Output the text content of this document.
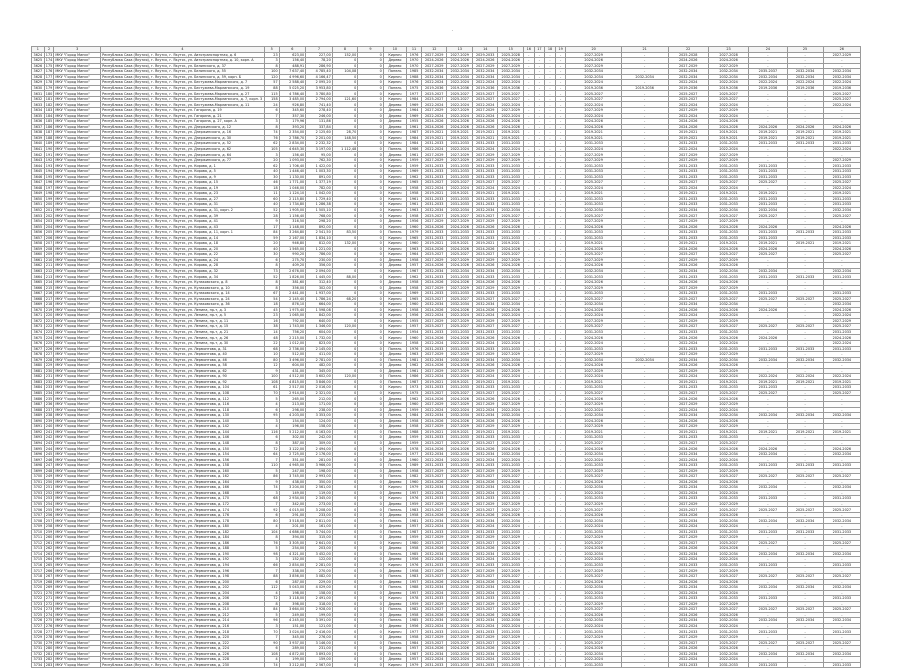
-
1	2	3	4	5	6	7	8	9	10	11	12	13	14	15	16	17	18	19	20	21	22	23	24	25	26
3624	173	МКУ "Город Минск"	Республика Саха (Якутия), г. Якутск, г. Якутск, ул. Автотранспортная, д. 6	23	623,00	227,00	152,00	0	Кирпич	1976	2027-2029	2027-2029	2029-2033	2025-2028	-	-	-	-	2027-2029	-	2025-2028	2027-2028	-	-	2027-2029
3625	174	МКУ "Город Минск"	Республика Саха (Якутия), г. Якутск, г. Якутск, ул. Автотранспортная, д. 10, корп. А	3	156,40	78,20	0	0	Дерево	1970	2024-2026	2024-2026	2024-2026	2024-2026	-	-	-	-	2024-2026	-	2024-2026	2024-2026	-	-	-
3626	175	МКУ "Город Минск"	Республика Саха (Якутия), г. Якутск, г. Якутск, ул. Белинского, д. 37	8	488,91	286,90	0	0	Дерево	1970	2027-2029	2027-2029	2027-2029	2027-2029	-	-	-	-	2027-2029	-	2027-2029	2027-2029	-	-	-
3627	176	МКУ "Город Минск"	Республика Саха (Якутия), г. Якутск, г. Якутск, ул. Белинского, д. 55	100	7 637,40	4 785,40	104,08	0	Панель	1985	2032-2034	2032-2034	2032-2034	2032-2034	-	-	-	-	2032-2034	-	2032-2034	2032-2034	2035-2037	2032-2034	2032-2034
3628	177	МКУ "Город Минск"	Республика Саха (Якутия), г. Якутск, г. Якутск, ул. Белинского, д. 59, корп. Б	120	4 996,60	4 166,47	0	0	Кирпич	1988	2032-2034	2032-2034	2032-2034	2032-2034	-	-	-	-	2032-2034	2032-2034	2032-2034	2032-2034	2032-2034	2032-2034	2032-2034
3629	178	МКУ "Город Минск"	Республика Саха (Якутия), г. Якутск, г. Якутск, ул. Бестужева-Марлинского, д. 7	57	2 588,40	2 095,20	0	0	Кирпич	1976	2022-2024	2022-2024	2022-2024	2022-2024	-	-	-	-	2022-2024	-	2022-2024	2022-2024	2022-2024	2022-2024	2022-2024
3630	179	МКУ "Город Минск"	Республика Саха (Якутия), г. Якутск, г. Якутск, ул. Бестужева-Марлинского, д. 19	88	5 025,20	3 953,80	0	0	Панель	1975	2019-2036	2019-2036	2019-2036	2019-2036	-	-	-	-	2019-2036	2019-2036	2019-2036	2019-2036	2019-2036	2019-2036	2019-2036
3631	180	МКУ "Город Минск"	Республика Саха (Якутия), г. Якутск, г. Якутск, ул. Бестужева-Марлинского, д. 27	115	4 786,40	3 780,80	0	0	Кирпич	1977	2025-2027	2025-2027	2025-2027	2025-2027	-	-	-	-	2025-2027	-	2025-2027	2025-2027	-	-	2025-2027
3632	181	МКУ "Город Минск"	Республика Саха (Якутия), г. Якутск, г. Якутск, ул. Бестужева-Марлинского, д. 7, корп. 3	158	3 485,00	2 794,00	121,60	0	Кирпич	1984	2025-2027	2025-2027	2025-2027	2025-2027	-	-	-	-	2025-2027	-	2025-2027	2025-2027	-	-	2025-2027
3633	182	МКУ "Город Минск"	Республика Саха (Якутия), г. Якутск, г. Якутск, ул. Бестужева-Марлинского, д. 11	24	926,80	741,40	0	0	Дерево	1969	2022-2024	2022-2024	2022-2024	2022-2024	-	-	-	-	2022-2024	-	2022-2024	2022-2024	-	-	2022-2024
3634	183	МКУ "Город Минск"	Республика Саха (Якутия), г. Якутск, г. Якутск, ул. Гагарина, д. 19	6	345,60	278,40	0	0	Дерево	1964	2027-2029	2027-2029	2027-2029	2027-2029	-	-	-	-	2027-2029	-	2027-2029	2027-2029	-	-	-
3635	184	МКУ "Город Минск"	Республика Саха (Якутия), г. Якутск, г. Якутск, ул. Гагарина, д. 21	7	357,30	246,00	0	0	Дерево	1969	2022-2024	2022-2024	2022-2024	2022-2024	-	-	-	-	2022-2024	-	2022-2024	2022-2024	-	-	-
3636	185	МКУ "Город Минск"	Республика Саха (Якутия), г. Якутск, г. Якутск, ул. Гагарина, д. 27, корп. А	3	179,96	131,86	0	0	Дерево	1955	2024-2026	2024-2026	2024-2026	2024-2026	-	-	-	-	2024-2026	-	2024-2026	2024-2026	-	-	-
3637	186	МКУ "Город Минск"	Республика Саха (Якутия), г. Якутск, г. Якутск, ул. Дзержинского, д. 12	8	393,20	337,84	0	0	Дерево	1961	2024-2026	2024-2026	2024-2026	2024-2026	-	-	-	-	2024-2026	-	2024-2026	2024-2026	2024-2026	2024-2026	2024-2026
3638	187	МКУ "Город Минск"	Республика Саха (Якутия), г. Якутск, г. Якутск, ул. Дзержинского, д. 16	74	2 354,00	2 125,60	28,70	0	Кирпич	1987	2019-2021	2019-2021	2019-2021	2019-2021	-	-	-	-	2019-2021	-	2019-2021	2019-2021	2019-2021	2019-2021	2019-2021
3639	188	МКУ "Город Минск"	Республика Саха (Якутия), г. Якутск, г. Якутск, ул. Дзержинского, д. 30	76	2 786,70	2 201,00	148,50	0	Кирпич	1984	2019-2021	2019-2021	2019-2021	2019-2021	-	-	-	-	2019-2021	-	2019-2021	2019-2021	2019-2021	2019-2021	2019-2021
3640	189	МКУ "Город Минск"	Республика Саха (Якутия), г. Якутск, г. Якутск, ул. Дзержинского, д. 52	62	2 834,00	2 232,32	0	0	Кирпич	1984	2031-2033	2031-2033	2031-2033	2031-2033	-	-	-	-	2031-2033	-	2031-2033	2031-2033	2031-2033	2031-2033	2031-2033
3641	190	МКУ "Город Минск"	Республика Саха (Якутия), г. Якутск, г. Якутск, ул. Дзержинского, д. 62	105	4 645,30	3 197,00	1 112,48	0	Панель	1986	2022-2024	2022-2024	2022-2024	2022-2024	-	-	-	-	2022-2024	-	2022-2024	2022-2024	-	-	2022-2024
3642	191	МКУ "Город Минск"	Республика Саха (Якутия), г. Якутск, г. Якутск, ул. Дзержинского, д. 64	3	156,40	95,00	0	0	Дерево	1961	2027-2029	2027-2029	2027-2029	2027-2029	-	-	-	-	2027-2029	-	2027-2029	2027-2029	-	-	-
3643	192	МКУ "Город Минск"	Республика Саха (Якутия), г. Якутск, г. Якутск, ул. Дзержинского, д. 77	20	1 093,00	762,30	0	0	Кирпич	1959	2027-2029	2027-2029	2027-2029	2027-2029	-	-	-	-	2027-2029	-	2027-2029	2027-2029	-	-	2027-2029
3644	193	МКУ "Город Минск"	Республика Саха (Якутия), г. Якутск, г. Якутск, ул. Кирова, д. 1	62	1 706,40	1 422,00	0	0	Кирпич	1959	2031-2033	2031-2033	2031-2033	2031-2033	-	-	-	-	2031-2033	-	2031-2033	2031-2033	2031-2033	-	2031-2033
3645	194	МКУ "Город Минск"	Республика Саха (Якутия), г. Якутск, г. Якутск, ул. Кирова, д. 5	40	1 446,40	1 003,30	0	0	Кирпич	1969	2031-2033	2031-2033	2031-2033	2031-2033	-	-	-	-	2031-2033	-	2031-2033	2031-2033	2031-2033	-	2031-2033
3646	195	МКУ "Город Минск"	Республика Саха (Якутия), г. Якутск, г. Якутск, ул. Кирова, д. 9	30	1 130,00	891,00	0	0	Кирпич	1962	2031-2033	2031-2033	2031-2033	2031-2033	-	-	-	-	2031-2033	-	2031-2033	2031-2033	2031-2033	-	2031-2033
3647	196	МКУ "Город Минск"	Республика Саха (Якутия), г. Якутск, г. Якутск, ул. Кирова, д. 15	46	1 771,00	1 377,19	0	0	Кирпич	1965	2025-2027	2025-2027	2025-2027	2025-2027	-	-	-	-	2025-2027	-	2025-2027	2025-2027	2025-2027	-	2025-2027
3648	197	МКУ "Город Минск"	Республика Саха (Якутия), г. Якутск, г. Якутск, ул. Кирова, д. 19	18	1 046,00	782,00	0	0	Кирпич	1958	2022-2024	2022-2024	2022-2024	2022-2024	-	-	-	-	2022-2024	-	2022-2024	2022-2024	-	-	2022-2024
3649	198	МКУ "Город Минск"	Республика Саха (Якутия), г. Якутск, г. Якутск, ул. Кирова, д. 23	11	1 124,10	1 042,00	0	0	Кирпич	1958	2019-2021	2019-2021	2019-2021	2019-2021	-	-	-	-	2019-2021	-	2019-2021	2019-2021	2019-2021	-	2019-2021
3650	199	МКУ "Город Минск"	Республика Саха (Якутия), г. Якутск, г. Якутск, ул. Кирова, д. 27	60	2 115,80	1 729,40	0	0	Кирпич	1961	2031-2033	2031-2033	2031-2033	2031-2033	-	-	-	-	2031-2033	-	2031-2033	2031-2033	2031-2033	-	2031-2033
3651	200	МКУ "Город Минск"	Республика Саха (Якутия), г. Якутск, г. Якутск, ул. Кирова, д. 31	40	1 734,80	1 286,38	0	0	Кирпич	1961	2031-2033	2031-2033	2031-2033	2031-2033	-	-	-	-	2031-2033	-	2031-2033	2031-2033	2031-2033	-	2031-2033
3652	201	МКУ "Город Минск"	Республика Саха (Якутия), г. Якутск, г. Якутск, ул. Кирова, д. 31, корп. 2	52	1 905,00	1 505,10	0	0	Кирпич	1963	2032-2034	2032-2034	2032-2034	2032-2034	-	-	-	-	2032-2034	-	2032-2034	2032-2034	2032-2034	-	2032-2034
3653	202	МКУ "Город Минск"	Республика Саха (Якутия), г. Якутск, г. Якутск, ул. Кирова, д. 39	28	1 156,40	768,00	0	0	Кирпич	1958	2025-2027	2025-2027	2025-2027	2025-2027	-	-	-	-	2025-2027	-	2025-2027	2025-2027	2025-2027	-	2025-2027
3654	203	МКУ "Город Минск"	Республика Саха (Якутия), г. Якутск, г. Якутск, ул. Кирова, д. 41	9	316,50	298,20	0	0	Дерево	1956	2027-2029	2027-2029	2027-2029	2027-2029	-	-	-	-	2027-2029	-	2027-2029	2027-2029	-	-	-
3655	204	МКУ "Город Минск"	Республика Саха (Якутия), г. Якутск, г. Якутск, ул. Кирова, д. 43	17	1 148,00	892,00	0	0	Кирпич	1960	2024-2026	2024-2026	2024-2026	2024-2026	-	-	-	-	2024-2026	-	2024-2026	2024-2026	2024-2026	-	2024-2026
3656	205	МКУ "Город Минск"	Республика Саха (Якутия), г. Якутск, г. Якутск, ул. Кирова, д. 11, корп. 1	84	3 264,80	2 541,50	83,50	0	Панель	1979	2031-2033	2031-2033	2031-2033	2031-2033	-	-	-	-	2031-2033	-	2031-2033	2031-2033	2031-2033	2031-2033	2031-2033
3657	206	МКУ "Город Минск"	Республика Саха (Якутия), г. Якутск, г. Якутск, ул. Кирова, д. 14	59	2 167,00	1 834,10	0	0	Кирпич	1965	2031-2033	2031-2033	2031-2033	2031-2033	-	-	-	-	2031-2033	-	2031-2033	2031-2033	2031-2033	-	2031-2033
3658	207	МКУ "Город Минск"	Республика Саха (Якутия), г. Якутск, г. Якутск, ул. Кирова, д. 18	20	946,80	812,00	132,00	0	Кирпич	1960	2019-2021	2019-2021	2019-2021	2019-2021	-	-	-	-	2019-2021	-	2019-2021	2019-2021	2019-2021	2019-2021	2019-2021
3659	208	МКУ "Город Минск"	Республика Саха (Якутия), г. Якутск, г. Якутск, ул. Кирова, д. 20	40	1 565,00	1 221,00	0	0	Кирпич	1963	2024-2026	2024-2026	2024-2026	2024-2026	-	-	-	-	2024-2026	-	2024-2026	2024-2026	2024-2026	-	2024-2026
3660	209	МКУ "Город Минск"	Республика Саха (Якутия), г. Якутск, г. Якутск, ул. Кирова, д. 22	30	990,20	786,00	0	0	Кирпич	1964	2025-2027	2025-2027	2025-2027	2025-2027	-	-	-	-	2025-2027	-	2025-2027	2025-2027	2025-2027	-	2025-2027
3661	210	МКУ "Город Минск"	Республика Саха (Якутия), г. Якутск, г. Якутск, ул. Кирова, д. 24	6	275,70	230,00	0	0	Дерево	1958	2027-2029	2027-2029	2027-2029	2027-2029	-	-	-	-	2027-2029	-	2027-2029	2027-2029	-	-	-
3662	211	МКУ "Город Минск"	Республика Саха (Якутия), г. Якутск, г. Якутск, ул. Кирова, д. 28	8	409,20	356,00	0	0	Дерево	1957	2024-2026	2024-2026	2024-2026	2024-2026	-	-	-	-	2024-2026	-	2024-2026	2024-2026	-	-	-
3663	212	МКУ "Город Минск"	Республика Саха (Якутия), г. Якутск, г. Якутск, ул. Кирова, д. 32	73	2 676,00	2 094,00	0	0	Кирпич	1967	2032-2034	2032-2034	2032-2034	2032-2034	-	-	-	-	2032-2034	-	2032-2034	2032-2034	2032-2034	-	2032-2034
3664	213	МКУ "Город Минск"	Республика Саха (Якутия), г. Якутск, г. Якутск, ул. Кирова, д. 34	52	1 826,00	1 445,00	88,00	0	Кирпич	1962	2031-2033	2031-2033	2031-2033	2031-2033	-	-	-	-	2031-2033	-	2031-2033	2031-2033	2031-2033	2031-2033	2031-2033
3665	214	МКУ "Город Минск"	Республика Саха (Якутия), г. Якутск, г. Якутск, ул. Кулаковского, д. 8	8	381,60	312,40	0	0	Дерево	1958	2024-2026	2024-2026	2024-2026	2024-2026	-	-	-	-	2024-2026	-	2024-2026	2024-2026	-	-	-
3666	215	МКУ "Город Минск"	Республика Саха (Якутия), г. Якутск, г. Якутск, ул. Кулаковского, д. 10	8	356,00	302,00	0	0	Дерево	1958	2027-2029	2027-2029	2027-2029	2027-2029	-	-	-	-	2027-2029	-	2027-2029	2027-2029	-	-	-
3667	216	МКУ "Город Минск"	Республика Саха (Якутия), г. Якутск, г. Якутск, ул. Кулаковского, д. 14	67	2 441,00	1 937,00	0	0	Кирпич	1969	2031-2033	2031-2033	2031-2033	2031-2033	-	-	-	-	2031-2033	-	2031-2033	2031-2033	2031-2033	-	2031-2033
3668	217	МКУ "Город Минск"	Республика Саха (Якутия), г. Якутск, г. Якутск, ул. Кулаковского, д. 24	54	2 145,40	1 786,24	68,20	0	Кирпич	1965	2025-2027	2025-2027	2025-2027	2025-2027	-	-	-	-	2025-2027	-	2025-2027	2025-2027	2025-2027	2025-2027	2025-2027
3669	218	МКУ "Город Минск"	Республика Саха (Якутия), г. Якутск, г. Якутск, ул. Кулаковского, д. 36	18	876,10	664,00	0	0	Кирпич	1960	2032-2034	2032-2034	2032-2034	2032-2034	-	-	-	-	2032-2034	-	2032-2034	2032-2034	-	-	2032-2034
3670	219	МКУ "Город Минск"	Республика Саха (Якутия), г. Якутск, г. Якутск, ул. Ленина, пр-т, д. 3	45	1 975,40	1 598,08	0	0	Кирпич	1958	2024-2026	2024-2026	2024-2026	2024-2026	-	-	-	-	2024-2026	-	2024-2026	2024-2026	2024-2026	-	2024-2026
3671	220	МКУ "Город Минск"	Республика Саха (Якутия), г. Якутск, г. Якутск, ул. Ленина, пр-т, д. 5	23	1 065,00	842,00	0	0	Кирпич	1956	2022-2024	2022-2024	2022-2024	2022-2024	-	-	-	-	2022-2024	-	2022-2024	2022-2024	-	-	2022-2024
3672	221	МКУ "Город Минск"	Республика Саха (Якутия), г. Якутск, г. Якутск, ул. Ленина, пр-т, д. 11	16	792,00	640,00	0	0	Кирпич	1955	2027-2029	2027-2029	2027-2029	2027-2029	-	-	-	-	2027-2029	-	2027-2029	2027-2029	-	-	2027-2029
3673	222	МКУ "Город Минск"	Республика Саха (Якутия), г. Якутск, г. Якутск, ул. Ленина, пр-т, д. 15	38	1 743,00	1 346,00	120,00	0	Кирпич	1957	2025-2027	2025-2027	2025-2027	2025-2027	-	-	-	-	2025-2027	-	2025-2027	2025-2027	2025-2027	2025-2027	2025-2027
3674	223	МКУ "Город Минск"	Республика Саха (Якутия), г. Якутск, г. Якутск, ул. Ленина, пр-т, д. 21	14	756,20	604,00	0	0	Кирпич	1954	2031-2033	2031-2033	2031-2033	2031-2033	-	-	-	-	2031-2033	-	2031-2033	2031-2033	-	-	2031-2033
3675	224	МКУ "Город Минск"	Республика Саха (Якутия), г. Якутск, г. Якутск, ул. Ленина, пр-т, д. 26	48	2 215,00	1 732,00	0	0	Кирпич	1960	2024-2026	2024-2026	2024-2026	2024-2026	-	-	-	-	2024-2026	-	2024-2026	2024-2026	2024-2026	-	2024-2026
3676	225	МКУ "Город Минск"	Республика Саха (Якутия), г. Якутск, г. Якутск, ул. Ленина, пр-т, д. 30	22	1 012,00	823,00	0	0	Кирпич	1958	2022-2024	2022-2024	2022-2024	2022-2024	-	-	-	-	2022-2024	-	2022-2024	2022-2024	-	-	2022-2024
3677	226	МКУ "Город Минск"	Республика Саха (Якутия), г. Якутск, г. Якутск, ул. Лермонтова, д. 31	68	2 736,00	2 145,00	0	0	Панель	1976	2031-2033	2031-2033	2031-2033	2031-2033	-	-	-	-	2031-2033	-	2031-2033	2031-2033	2031-2033	2031-2033	2031-2033
3678	227	МКУ "Город Минск"	Республика Саха (Якутия), г. Якутск, г. Якутск, ул. Лермонтова, д. 40	10	512,00	411,00	0	0	Дерево	1963	2027-2029	2027-2029	2027-2029	2027-2029	-	-	-	-	2027-2029	-	2027-2029	2027-2029	-	-	-
3679	228	МКУ "Город Минск"	Республика Саха (Якутия), г. Якутск, г. Якутск, ул. Лермонтова, д. 46	80	3 496,00	2 781,00	0	0	Панель	1981	2032-2034	2032-2034	2032-2034	2032-2034	-	-	-	-	2032-2034	2032-2034	2032-2034	2032-2034	2032-2034	2032-2034	2032-2034
3680	229	МКУ "Город Минск"	Республика Саха (Якутия), г. Якутск, г. Якутск, ул. Лермонтова, д. 58	12	604,00	482,00	0	0	Дерево	1962	2024-2026	2024-2026	2024-2026	2024-2026	-	-	-	-	2024-2026	-	2024-2026	2024-2026	-	-	-
3681	230	МКУ "Город Минск"	Республика Саха (Якутия), г. Якутск, г. Якутск, ул. Лермонтова, д. 62	9	431,00	345,00	0	0	Дерево	1961	2027-2029	2027-2029	2027-2029	2027-2029	-	-	-	-	2027-2029	-	2027-2029	2027-2029	-	-	-
3682	231	МКУ "Город Минск"	Республика Саха (Якутия), г. Якутск, г. Якутск, ул. Лермонтова, д. 90	100	4 512,00	3 602,00	120,00	0	Панель	1986	2022-2024	2022-2024	2022-2024	2022-2024	-	-	-	-	2022-2024	-	2022-2024	2022-2024	2022-2024	2022-2024	2022-2024
3683	232	МКУ "Город Минск"	Республика Саха (Якутия), г. Якутск, г. Якутск, ул. Лермонтова, д. 92	108	4 815,00	3 846,00	0	0	Панель	1987	2019-2021	2019-2021	2019-2021	2019-2021	-	-	-	-	2019-2021	-	2019-2021	2019-2021	2019-2021	2019-2021	2019-2021
3684	233	МКУ "Город Минск"	Республика Саха (Якутия), г. Якутск, г. Якутск, ул. Лермонтова, д. 104	61	2 517,00	2 016,00	0	0	Кирпич	1973	2031-2033	2031-2033	2031-2033	2031-2033	-	-	-	-	2031-2033	-	2031-2033	2031-2033	2031-2033	-	2031-2033
3685	234	МКУ "Город Минск"	Республика Саха (Якутия), г. Якутск, г. Якутск, ул. Лермонтова, д. 108	70	2 914,00	2 321,00	0	0	Кирпич	1975	2025-2027	2025-2027	2025-2027	2025-2027	-	-	-	-	2025-2027	-	2025-2027	2025-2027	2025-2027	-	2025-2027
3686	235	МКУ "Город Минск"	Республика Саха (Якутия), г. Якутск, г. Якутск, ул. Лермонтова, д. 112	5	265,00	212,00	0	0	Дерево	1962	2024-2026	2024-2026	2024-2026	2024-2026	-	-	-	-	2024-2026	-	2024-2026	2024-2026	-	-	-
3687	236	МКУ "Город Минск"	Республика Саха (Якутия), г. Якутск, г. Якутск, ул. Лермонтова, д. 116	4	213,00	171,00	0	0	Дерево	1960	2027-2029	2027-2029	2027-2029	2027-2029	-	-	-	-	2027-2029	-	2027-2029	2027-2029	-	-	-
3688	237	МКУ "Город Минск"	Республика Саха (Якутия), г. Якутск, г. Якутск, ул. Лермонтова, д. 118	6	298,00	238,00	0	0	Дерево	1959	2022-2024	2022-2024	2022-2024	2022-2024	-	-	-	-	2022-2024	-	2022-2024	2022-2024	-	-	-
3689	238	МКУ "Город Минск"	Республика Саха (Якутия), г. Якутск, г. Якутск, ул. Лермонтова, д. 130	95	4 203,00	3 353,00	0	0	Панель	1984	2032-2034	2032-2034	2032-2034	2032-2034	-	-	-	-	2032-2034	-	2032-2034	2032-2034	2032-2034	2032-2034	2032-2034
3690	239	МКУ "Город Минск"	Республика Саха (Якутия), г. Якутск, г. Якутск, ул. Лермонтова, д. 140	3	154,00	124,00	0	0	Дерево	1958	2024-2026	2024-2026	2024-2026	2024-2026	-	-	-	-	2024-2026	-	2024-2026	2024-2026	-	-	-
3691	240	МКУ "Город Минск"	Республика Саха (Якутия), г. Якутск, г. Якутск, ул. Лермонтова, д. 142	4	196,00	158,00	0	0	Дерево	1958	2027-2029	2027-2029	2027-2029	2027-2029	-	-	-	-	2027-2029	-	2027-2029	2027-2029	-	-	-
3692	241	МКУ "Город Минск"	Республика Саха (Якутия), г. Якутск, г. Якутск, ул. Лермонтова, д. 144	116	5 212,00	4 163,00	0	0	Панель	1988	2019-2021	2019-2021	2019-2021	2019-2021	-	-	-	-	2019-2021	-	2019-2021	2019-2021	2019-2021	2019-2021	2019-2021
3693	242	МКУ "Город Минск"	Республика Саха (Якутия), г. Якутск, г. Якутск, ул. Лермонтова, д. 146	6	302,00	242,00	0	0	Дерево	1959	2031-2033	2031-2033	2031-2033	2031-2033	-	-	-	-	2031-2033	-	2031-2033	2031-2033	-	-	-
3694	243	МКУ "Город Минск"	Республика Саха (Якутия), г. Якутск, г. Якутск, ул. Лермонтова, д. 148	8	387,00	309,00	0	0	Дерево	1959	2025-2027	2025-2027	2025-2027	2025-2027	-	-	-	-	2025-2027	-	2025-2027	2025-2027	-	-	-
3695	244	МКУ "Город Минск"	Республика Саха (Якутия), г. Якутск, г. Якутск, ул. Лермонтова, д. 150	72	3 122,00	2 494,00	0	0	Кирпич	1978	2024-2026	2024-2026	2024-2026	2024-2026	-	-	-	-	2024-2026	-	2024-2026	2024-2026	2024-2026	-	2024-2026
3696	245	МКУ "Город Минск"	Республика Саха (Якутия), г. Якутск, г. Якутск, ул. Лермонтова, д. 154	64	2 725,00	2 176,00	0	0	Кирпич	1977	2032-2034	2032-2034	2032-2034	2032-2034	-	-	-	-	2032-2034	-	2032-2034	2032-2034	2032-2034	-	2032-2034
3697	246	МКУ "Город Минск"	Республика Саха (Якутия), г. Якутск, г. Якутск, ул. Лермонтова, д. 156	7	351,00	281,00	0	0	Дерево	1960	2022-2024	2022-2024	2022-2024	2022-2024	-	-	-	-	2022-2024	-	2022-2024	2022-2024	-	-	-
3698	247	МКУ "Город Минск"	Республика Саха (Якутия), г. Якутск, г. Якутск, ул. Лермонтова, д. 158	110	4 965,00	3 966,00	0	0	Панель	1989	2031-2033	2031-2033	2031-2033	2031-2033	-	-	-	-	2031-2033	-	2031-2033	2031-2033	2031-2033	2031-2033	2031-2033
3699	248	МКУ "Город Минск"	Республика Саха (Якутия), г. Якутск, г. Якутск, ул. Лермонтова, д. 160	5	247,00	198,00	0	0	Дерево	1958	2027-2029	2027-2029	2027-2029	2027-2029	-	-	-	-	2027-2029	-	2027-2029	2027-2029	-	-	-
3700	249	МКУ "Город Минск"	Республика Саха (Якутия), г. Якутск, г. Якутск, ул. Лермонтова, д. 162	86	3 745,00	2 993,00	0	0	Панель	1982	2025-2027	2025-2027	2025-2027	2025-2027	-	-	-	-	2025-2027	-	2025-2027	2025-2027	2025-2027	2025-2027	2025-2027
3701	250	МКУ "Город Минск"	Республика Саха (Якутия), г. Якутск, г. Якутск, ул. Лермонтова, д. 164	9	438,00	350,00	0	0	Дерево	1960	2024-2026	2024-2026	2024-2026	2024-2026	-	-	-	-	2024-2026	-	2024-2026	2024-2026	-	-	-
3702	251	МКУ "Город Минск"	Республика Саха (Якутия), г. Якутск, г. Якутск, ул. Лермонтова, д. 166	74	3 204,00	2 561,00	0	0	Кирпич	1979	2032-2034	2032-2034	2032-2034	2032-2034	-	-	-	-	2032-2034	-	2032-2034	2032-2034	2032-2034	-	2032-2034
3703	252	МКУ "Город Минск"	Республика Саха (Якутия), г. Якутск, г. Якутск, ул. Лермонтова, д. 168	3	149,00	119,00	0	0	Дерево	1957	2022-2024	2022-2024	2022-2024	2022-2024	-	-	-	-	2022-2024	-	2022-2024	2022-2024	-	-	-
3704	253	МКУ "Город Минск"	Республика Саха (Якутия), г. Якутск, г. Якутск, ул. Лермонтова, д. 170	68	2 934,00	2 345,00	0	0	Кирпич	1976	2031-2033	2031-2033	2031-2033	2031-2033	-	-	-	-	2031-2033	-	2031-2033	2031-2033	2031-2033	-	2031-2033
3705	254	МКУ "Город Минск"	Республика Саха (Якутия), г. Якутск, г. Якутск, ул. Лермонтова, д. 172	7	342,00	273,00	0	0	Дерево	1959	2027-2029	2027-2029	2027-2029	2027-2029	-	-	-	-	2027-2029	-	2027-2029	2027-2029	-	-	-
3706	255	МКУ "Город Минск"	Республика Саха (Якутия), г. Якутск, г. Якутск, ул. Лермонтова, д. 174	92	4 015,00	3 208,00	0	0	Панель	1983	2025-2027	2025-2027	2025-2027	2025-2027	-	-	-	-	2025-2027	-	2025-2027	2025-2027	2025-2027	2025-2027	2025-2027
3707	256	МКУ "Город Минск"	Республика Саха (Якутия), г. Якутск, г. Якутск, ул. Лермонтова, д. 176	6	291,00	233,00	0	0	Дерево	1958	2024-2026	2024-2026	2024-2026	2024-2026	-	-	-	-	2024-2026	-	2024-2026	2024-2026	-	-	-
3708	257	МКУ "Город Минск"	Республика Саха (Якутия), г. Якутск, г. Якутск, ул. Лермонтова, д. 178	80	3 518,00	2 811,00	0	0	Панель	1981	2032-2034	2032-2034	2032-2034	2032-2034	-	-	-	-	2032-2034	-	2032-2034	2032-2034	2032-2034	2032-2034	2032-2034
3709	258	МКУ "Город Минск"	Республика Саха (Якутия), г. Якутск, г. Якутск, ул. Лермонтова, д. 180	4	201,00	161,00	0	0	Дерево	1957	2022-2024	2022-2024	2022-2024	2022-2024	-	-	-	-	2022-2024	-	2022-2024	2022-2024	-	-	-
3710	259	МКУ "Город Минск"	Республика Саха (Якутия), г. Якутск, г. Якутск, ул. Лермонтова, д. 182	104	4 686,00	3 744,00	0	0	Панель	1987	2031-2033	2031-2033	2031-2033	2031-2033	-	-	-	-	2031-2033	-	2031-2033	2031-2033	2031-2033	2031-2033	2031-2033
3711	260	МКУ "Город Минск"	Республика Саха (Якутия), г. Якутск, г. Якутск, ул. Лермонтова, д. 184	8	394,00	315,00	0	0	Дерево	1959	2027-2029	2027-2029	2027-2029	2027-2029	-	-	-	-	2027-2029	-	2027-2029	2027-2029	-	-	-
3712	261	МКУ "Город Минск"	Республика Саха (Якутия), г. Якутск, г. Якутск, ул. Лермонтова, д. 186	76	3 305,00	2 641,00	0	0	Кирпич	1980	2025-2027	2025-2027	2025-2027	2025-2027	-	-	-	-	2025-2027	-	2025-2027	2025-2027	2025-2027	-	2025-2027
3713	262	МКУ "Город Минск"	Республика Саха (Якутия), г. Якутск, г. Якутск, ул. Лермонтова, д. 188	5	254,00	203,00	0	0	Дерево	1958	2024-2026	2024-2026	2024-2026	2024-2026	-	-	-	-	2024-2026	-	2024-2026	2024-2026	-	-	-
3714	263	МКУ "Город Минск"	Республика Саха (Якутия), г. Якутск, г. Якутск, ул. Лермонтова, д. 190	98	4 321,00	3 452,00	0	0	Панель	1985	2032-2034	2032-2034	2032-2034	2032-2034	-	-	-	-	2032-2034	-	2032-2034	2032-2034	2032-2034	2032-2034	2032-2034
3715	264	МКУ "Город Минск"	Республика Саха (Якутия), г. Якутск, г. Якутск, ул. Лермонтова, д. 192	3	152,00	122,00	0	0	Дерево	1956	2022-2024	2022-2024	2022-2024	2022-2024	-	-	-	-	2022-2024	-	2022-2024	2022-2024	-	-	-
3716	265	МКУ "Город Минск"	Республика Саха (Якутия), г. Якутск, г. Якутск, ул. Лермонтова, д. 194	66	2 854,00	2 281,00	0	0	Кирпич	1976	2031-2033	2031-2033	2031-2033	2031-2033	-	-	-	-	2031-2033	-	2031-2033	2031-2033	2031-2033	-	2031-2033
3717	266	МКУ "Город Минск"	Республика Саха (Якутия), г. Якутск, г. Якутск, ул. Лермонтова, д. 196	7	338,00	270,00	0	0	Дерево	1958	2027-2029	2027-2029	2027-2029	2027-2029	-	-	-	-	2027-2029	-	2027-2029	2027-2029	-	-	-
3718	267	МКУ "Город Минск"	Республика Саха (Якутия), г. Якутск, г. Якутск, ул. Лермонтова, д. 198	88	3 856,00	3 082,00	0	0	Панель	1983	2025-2027	2025-2027	2025-2027	2025-2027	-	-	-	-	2025-2027	-	2025-2027	2025-2027	2025-2027	2025-2027	2025-2027
3719	268	МКУ "Город Минск"	Республика Саха (Якутия), г. Якутск, г. Якутск, ул. Лермонтова, д. 200	6	287,00	229,00	0	0	Дерево	1957	2024-2026	2024-2026	2024-2026	2024-2026	-	-	-	-	2024-2026	-	2024-2026	2024-2026	-	-	-
3720	269	МКУ "Город Минск"	Республика Саха (Якутия), г. Якутск, г. Якутск, ул. Лермонтова, д. 202	112	5 043,00	4 029,00	0	0	Панель	1988	2032-2034	2032-2034	2032-2034	2032-2034	-	-	-	-	2032-2034	-	2032-2034	2032-2034	2032-2034	2032-2034	2032-2034
3721	270	МКУ "Город Минск"	Республика Саха (Якутия), г. Якутск, г. Якутск, ул. Лермонтова, д. 204	4	198,00	158,00	0	0	Дерево	1957	2022-2024	2022-2024	2022-2024	2022-2024	-	-	-	-	2022-2024	-	2022-2024	2022-2024	-	-	-
3722	271	МКУ "Город Минск"	Республика Саха (Якутия), г. Якутск, г. Якутск, ул. Лермонтова, д. 206	72	3 118,00	2 491,00	0	0	Кирпич	1978	2031-2033	2031-2033	2031-2033	2031-2033	-	-	-	-	2031-2033	-	2031-2033	2031-2033	2031-2033	-	2031-2033
3723	272	МКУ "Город Минск"	Республика Саха (Якутия), г. Якутск, г. Якутск, ул. Лермонтова, д. 208	8	398,00	318,00	0	0	Дерево	1959	2027-2029	2027-2029	2027-2029	2027-2029	-	-	-	-	2027-2029	-	2027-2029	2027-2029	-	-	-
3724	273	МКУ "Город Минск"	Республика Саха (Якутия), г. Якутск, г. Якутск, ул. Лермонтова, д. 210	84	3 664,00	2 928,00	0	0	Панель	1982	2025-2027	2025-2027	2025-2027	2025-2027	-	-	-	-	2025-2027	-	2025-2027	2025-2027	2025-2027	2025-2027	2025-2027
3725	274	МКУ "Город Минск"	Республика Саха (Якутия), г. Якутск, г. Якутск, ул. Лермонтова, д. 212	5	249,00	199,00	0	0	Дерево	1958	2024-2026	2024-2026	2024-2026	2024-2026	-	-	-	-	2024-2026	-	2024-2026	2024-2026	-	-	-
3726	275	МКУ "Город Минск"	Республика Саха (Якутия), г. Якутск, г. Якутск, ул. Лермонтова, д. 214	96	4 245,00	3 391,00	0	0	Панель	1985	2032-2034	2032-2034	2032-2034	2032-2034	-	-	-	-	2032-2034	-	2032-2034	2032-2034	2032-2034	2032-2034	2032-2034
3727	276	МКУ "Город Минск"	Республика Саха (Якутия), г. Якутск, г. Якутск, ул. Лермонтова, д. 216	3	151,00	121,00	0	0	Дерево	1956	2022-2024	2022-2024	2022-2024	2022-2024	-	-	-	-	2022-2024	-	2022-2024	2022-2024	-	-	-
3728	277	МКУ "Город Минск"	Республика Саха (Якутия), г. Якутск, г. Якутск, ул. Лермонтова, д. 218	70	3 024,00	2 416,00	0	0	Кирпич	1977	2031-2033	2031-2033	2031-2033	2031-2033	-	-	-	-	2031-2033	-	2031-2033	2031-2033	2031-2033	-	2031-2033
3729	278	МКУ "Город Минск"	Республика Саха (Якутия), г. Якутск, г. Якутск, ул. Лермонтова, д. 220	7	345,00	276,00	0	0	Дерево	1958	2027-2029	2027-2029	2027-2029	2027-2029	-	-	-	-	2027-2029	-	2027-2029	2027-2029	-	-	-
3730	279	МКУ "Город Минск"	Республика Саха (Якутия), г. Якутск, г. Якутск, ул. Лермонтова, д. 222	90	3 937,00	3 146,00	0	0	Панель	1984	2025-2027	2025-2027	2025-2027	2025-2027	-	-	-	-	2025-2027	-	2025-2027	2025-2027	2025-2027	2025-2027	2025-2027
3731	280	МКУ "Город Минск"	Республика Саха (Якутия), г. Якутск, г. Якутск, ул. Лермонтова, д. 224	6	289,00	231,00	0	0	Дерево	1957	2024-2026	2024-2026	2024-2026	2024-2026	-	-	-	-	2024-2026	-	2024-2026	2024-2026	-	-	-
3732	281	МКУ "Город Минск"	Республика Саха (Якутия), г. Якутск, г. Якутск, ул. Лермонтова, д. 226	108	4 872,00	3 893,00	0	0	Панель	1987	2032-2034	2032-2034	2032-2034	2032-2034	-	-	-	-	2032-2034	-	2032-2034	2032-2034	2032-2034	2032-2034	2032-2034
3733	282	МКУ "Город Минск"	Республика Саха (Якутия), г. Якутск, г. Якутск, ул. Лермонтова, д. 228	4	199,00	159,00	0	0	Дерево	1957	2022-2024	2022-2024	2022-2024	2022-2024	-	-	-	-	2022-2024	-	2022-2024	2022-2024	-	-	-
3734	283	МКУ "Город Минск"	Республика Саха (Якутия), г. Якутск, г. Якутск, ул. Лермонтова, д. 230	74	3 212,00	2 567,00	0	0	Кирпич	1979	2031-2033	2031-2033	2031-2033	2031-2033	-	-	-	-	2031-2033	-	2031-2033	2031-2033	2031-2033	-	2031-2033
